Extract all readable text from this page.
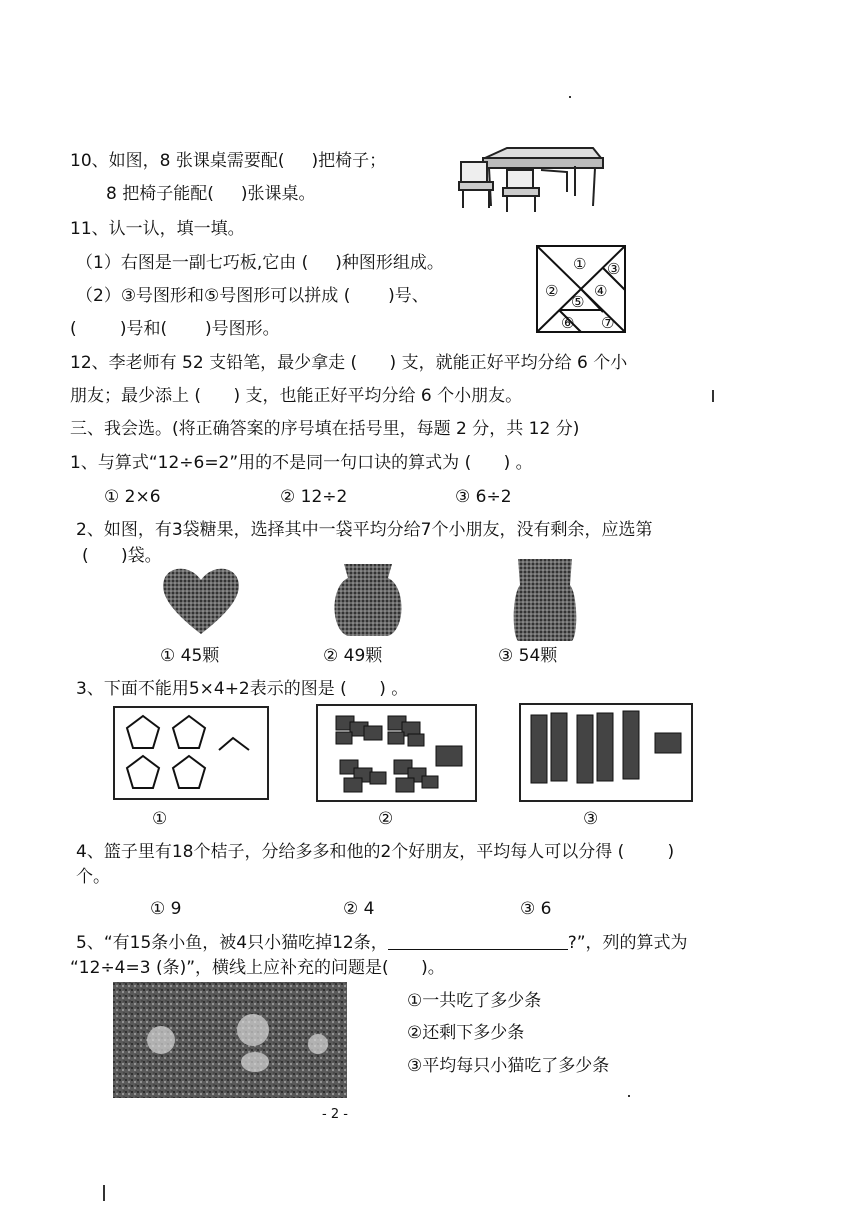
10、如图，8 张课桌需要配(     )把椅子；
8 把椅子能配(     )张课桌。
11、认一认，填一填。
（1）右图是一副七巧板,它由 (     )种图形组成。
（2）③号图形和⑤号图形可以拼成 (       )号、
(        )号和(       )号图形。
①
②
③
④
⑤
⑥ ⑦
12、李老师有 52 支铅笔，最少拿走 (      ) 支，就能正好平均分给 6 个小
朋友；最少添上 (      ) 支，也能正好平均分给 6 个小朋友。
三、我会选。(将正确答案的序号填在括号里，每题 2 分，共 12 分)
1、与算式“12÷6=2”用的不是同一句口诀的算式为 (      ) 。
① 2×6	② 12÷2	③ 6÷2
2、如图，有3袋糖果，选择其中一袋平均分给7个小朋友，没有剩余，应选第
(      )袋。
① 45颗	② 49颗	③ 54颗
3、下面不能用5×4+2表示的图是 (      ) 。
①	②	③
4、篮子里有18个桔子，分给多多和他的2个好朋友，平均每人可以分得 (        )
个。
① 9	② 4	③ 6
5、“有15条小鱼，被4只小猫吃掉12条，	?”，列的算式为
“12÷4=3 (条)”，横线上应补充的问题是(      )。
①一共吃了多少条
②还剩下多少条
③平均每只小猫吃了多少条
- 2 -
